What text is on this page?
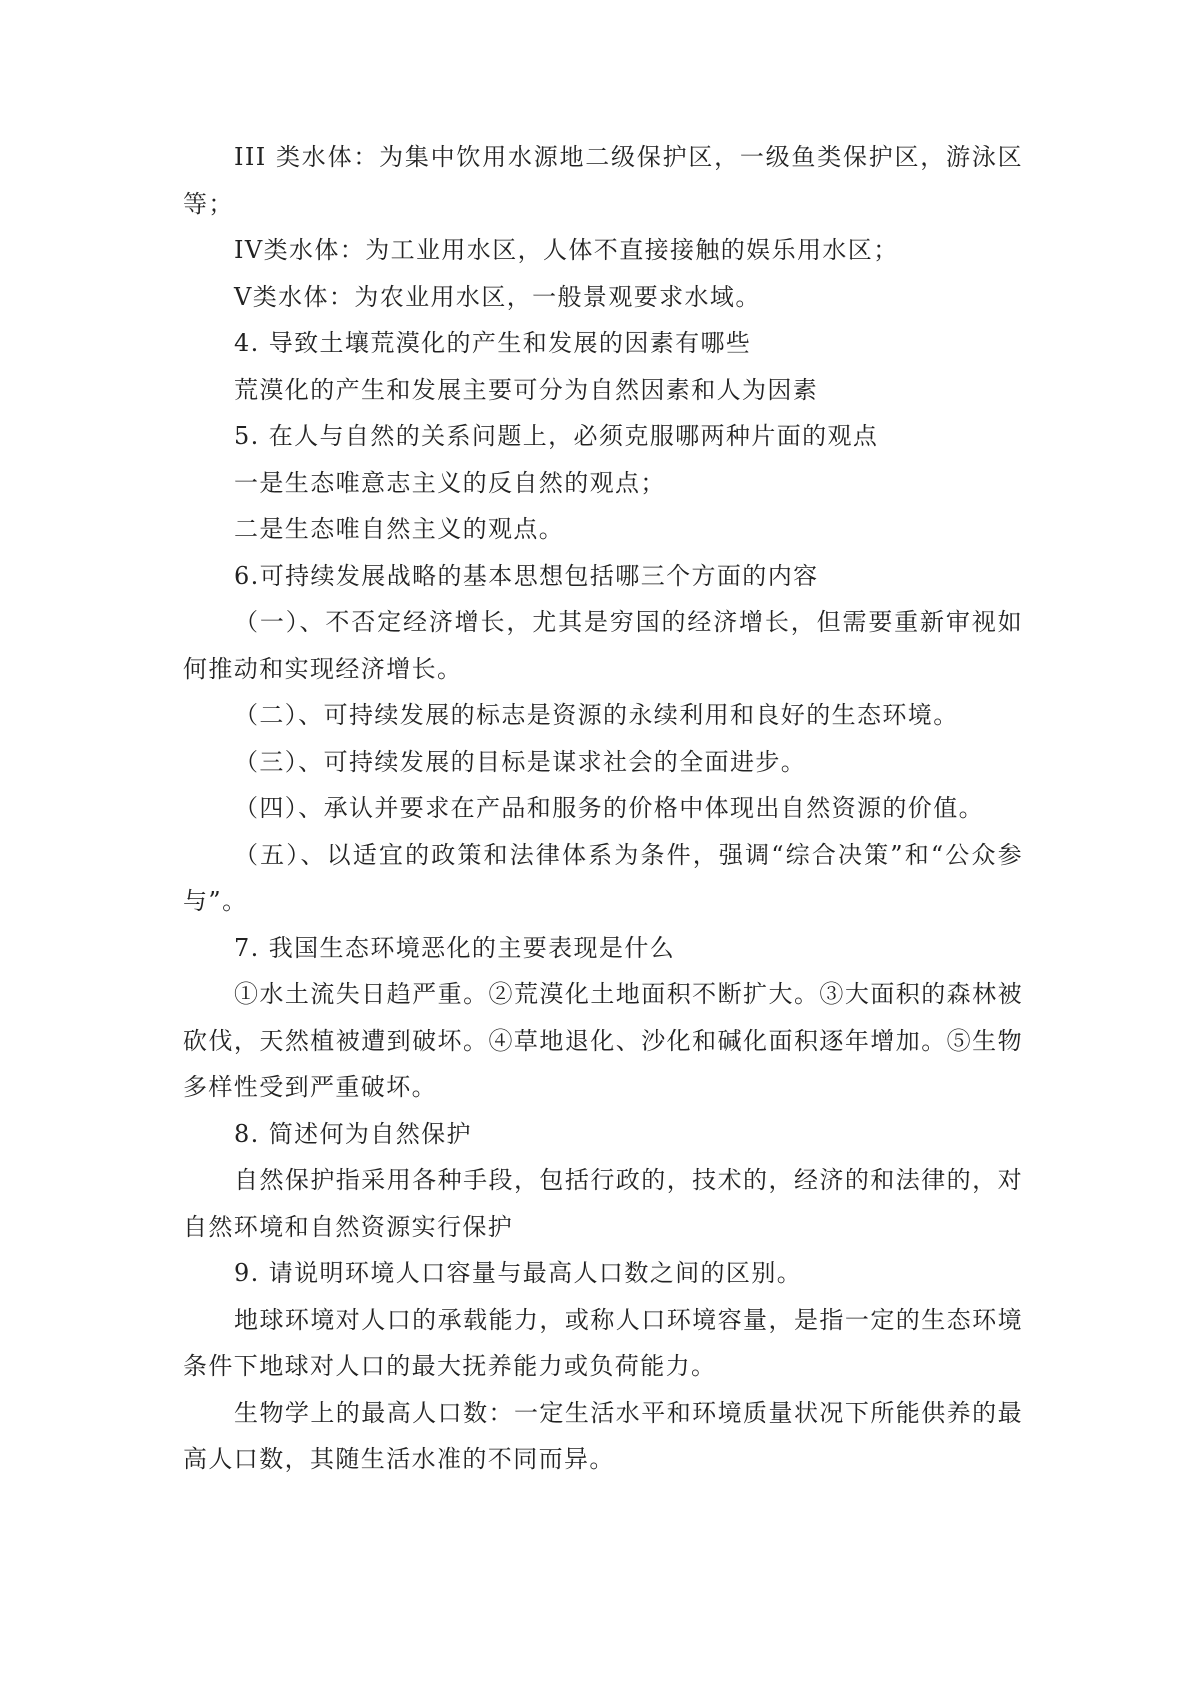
III 类水体：为集中饮用水源地二级保护区，一级鱼类保护区，游泳区等；

IV类水体：为工业用水区，人体不直接接触的娱乐用水区；

V类水体：为农业用水区，一般景观要求水域。

4. 导致土壤荒漠化的产生和发展的因素有哪些

荒漠化的产生和发展主要可分为自然因素和人为因素

5. 在人与自然的关系问题上，必须克服哪两种片面的观点

一是生态唯意志主义的反自然的观点；

二是生态唯自然主义的观点。

6.可持续发展战略的基本思想包括哪三个方面的内容

（一）、不否定经济增长，尤其是穷国的经济增长，但需要重新审视如何推动和实现经济增长。

（二）、可持续发展的标志是资源的永续利用和良好的生态环境。

（三）、可持续发展的目标是谋求社会的全面进步。

（四）、承认并要求在产品和服务的价格中体现出自然资源的价值。

（五）、以适宜的政策和法律体系为条件，强调“综合决策”和“公众参与”。

7. 我国生态环境恶化的主要表现是什么

①水土流失日趋严重。②荒漠化土地面积不断扩大。③大面积的森林被砍伐，天然植被遭到破坏。④草地退化、沙化和碱化面积逐年增加。⑤生物多样性受到严重破坏。

8. 简述何为自然保护

自然保护指采用各种手段，包括行政的，技术的，经济的和法律的，对自然环境和自然资源实行保护

9. 请说明环境人口容量与最高人口数之间的区别。

地球环境对人口的承载能力，或称人口环境容量，是指一定的生态环境条件下地球对人口的最大抚养能力或负荷能力。

生物学上的最高人口数：一定生活水平和环境质量状况下所能供养的最高人口数，其随生活水准的不同而异。
